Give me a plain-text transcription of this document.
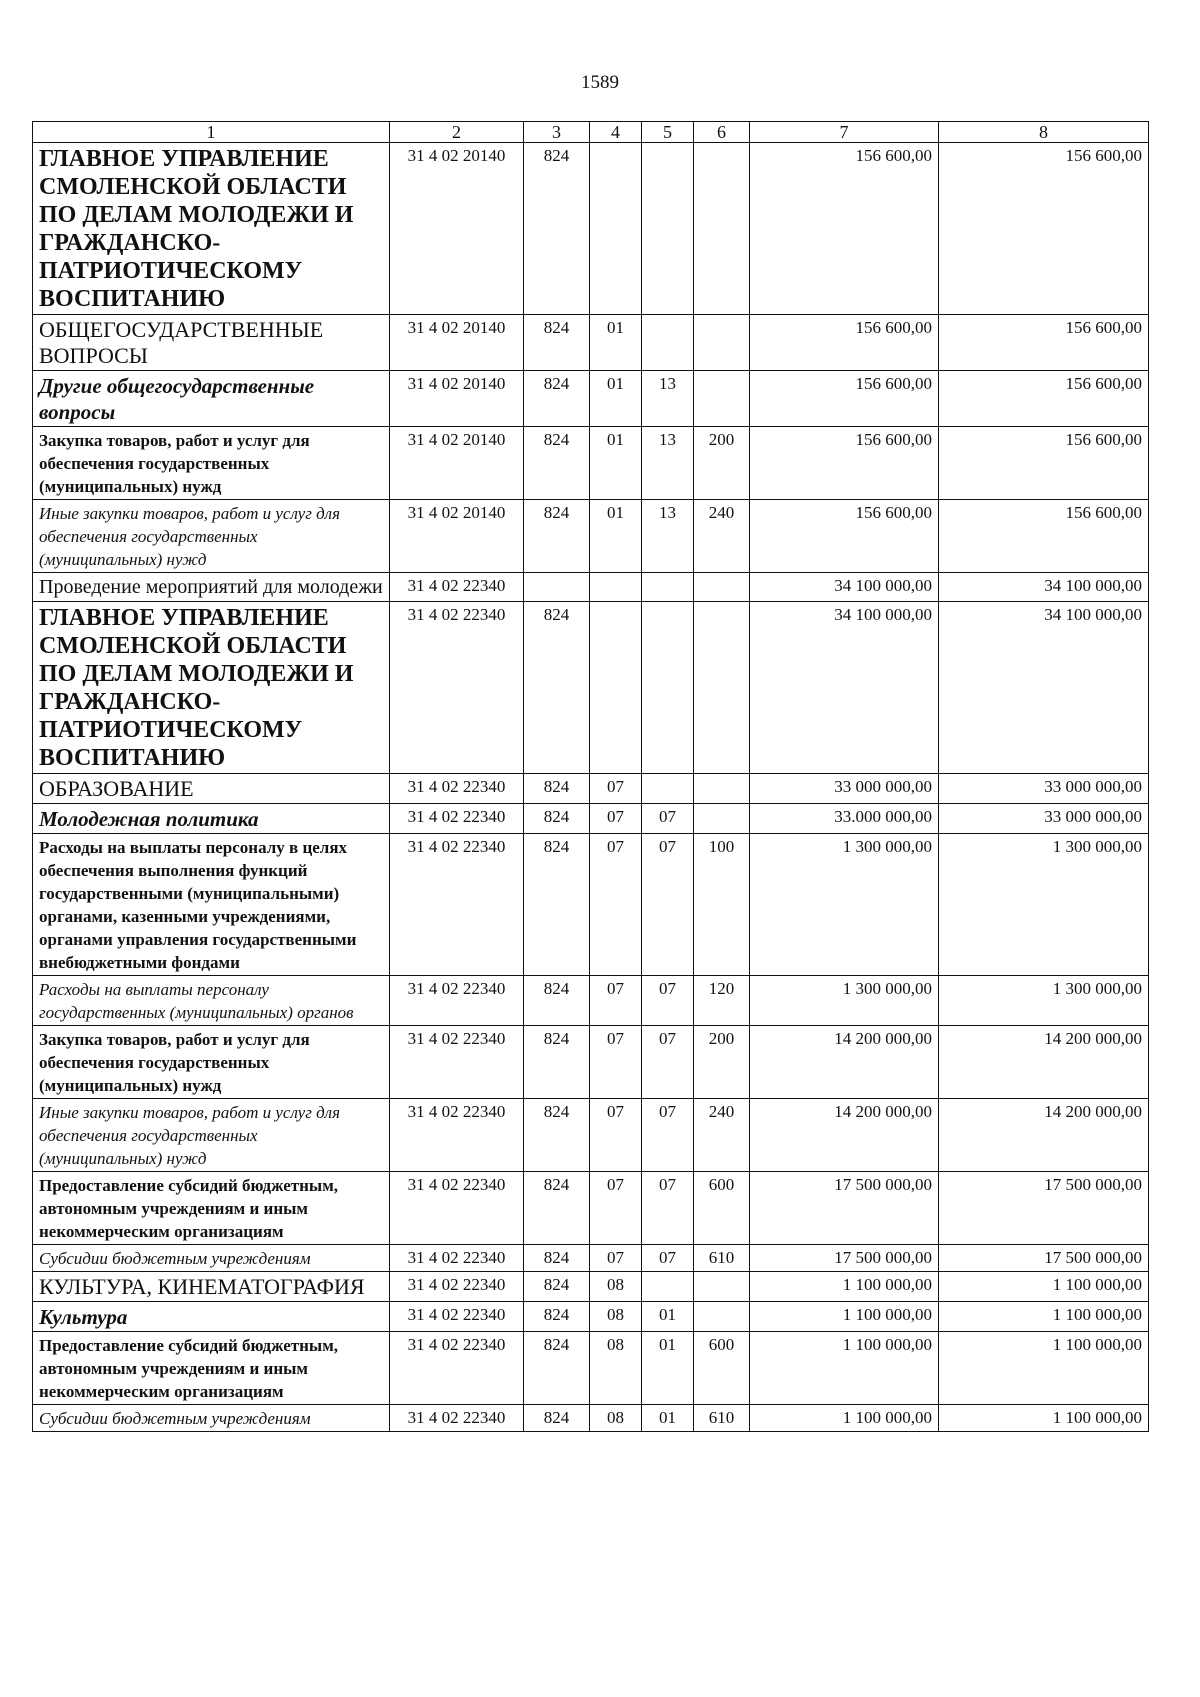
1589
1	2	3	4	5	6	7	8
ГЛАВНОЕ УПРАВЛЕНИЕ СМОЛЕНСКОЙ ОБЛАСТИ ПО ДЕЛАМ МОЛОДЕЖИ И ГРАЖДАНСКО-ПАТРИОТИЧЕСКОМУ ВОСПИТАНИЮ	31 4 02 20140	824				156 600,00	156 600,00
ОБЩЕГОСУДАРСТВЕННЫЕ ВОПРОСЫ	31 4 02 20140	824	01			156 600,00	156 600,00
Другие общегосударственные вопросы	31 4 02 20140	824	01	13		156 600,00	156 600,00
Закупка товаров, работ и услуг для обеспечения государственных (муниципальных) нужд	31 4 02 20140	824	01	13	200	156 600,00	156 600,00
Иные закупки товаров, работ и услуг для обеспечения государственных (муниципальных) нужд	31 4 02 20140	824	01	13	240	156 600,00	156 600,00
Проведение мероприятий для молодежи	31 4 02 22340					34 100 000,00	34 100 000,00
ГЛАВНОЕ УПРАВЛЕНИЕ СМОЛЕНСКОЙ ОБЛАСТИ ПО ДЕЛАМ МОЛОДЕЖИ И ГРАЖДАНСКО-ПАТРИОТИЧЕСКОМУ ВОСПИТАНИЮ	31 4 02 22340	824				34 100 000,00	34 100 000,00
ОБРАЗОВАНИЕ	31 4 02 22340	824	07			33 000 000,00	33 000 000,00
Молодежная политика	31 4 02 22340	824	07	07		33.000 000,00	33 000 000,00
Расходы на выплаты персоналу в целях обеспечения выполнения функций государственными (муниципальными) органами, казенными учреждениями, органами управления государственными внебюджетными фондами	31 4 02 22340	824	07	07	100	1 300 000,00	1 300 000,00
Расходы на выплаты персоналу государственных (муниципальных) органов	31 4 02 22340	824	07	07	120	1 300 000,00	1 300 000,00
Закупка товаров, работ и услуг для обеспечения государственных (муниципальных) нужд	31 4 02 22340	824	07	07	200	14 200 000,00	14 200 000,00
Иные закупки товаров, работ и услуг для обеспечения государственных (муниципальных) нужд	31 4 02 22340	824	07	07	240	14 200 000,00	14 200 000,00
Предоставление субсидий бюджетным, автономным учреждениям и иным некоммерческим организациям	31 4 02 22340	824	07	07	600	17 500 000,00	17 500 000,00
Субсидии бюджетным учреждениям	31 4 02 22340	824	07	07	610	17 500 000,00	17 500 000,00
КУЛЬТУРА, КИНЕМАТОГРАФИЯ	31 4 02 22340	824	08			1 100 000,00	1 100 000,00
Культура	31 4 02 22340	824	08	01		1 100 000,00	1 100 000,00
Предоставление субсидий бюджетным, автономным учреждениям и иным некоммерческим организациям	31 4 02 22340	824	08	01	600	1 100 000,00	1 100 000,00
Субсидии бюджетным учреждениям	31 4 02 22340	824	08	01	610	1 100 000,00	1 100 000,00
